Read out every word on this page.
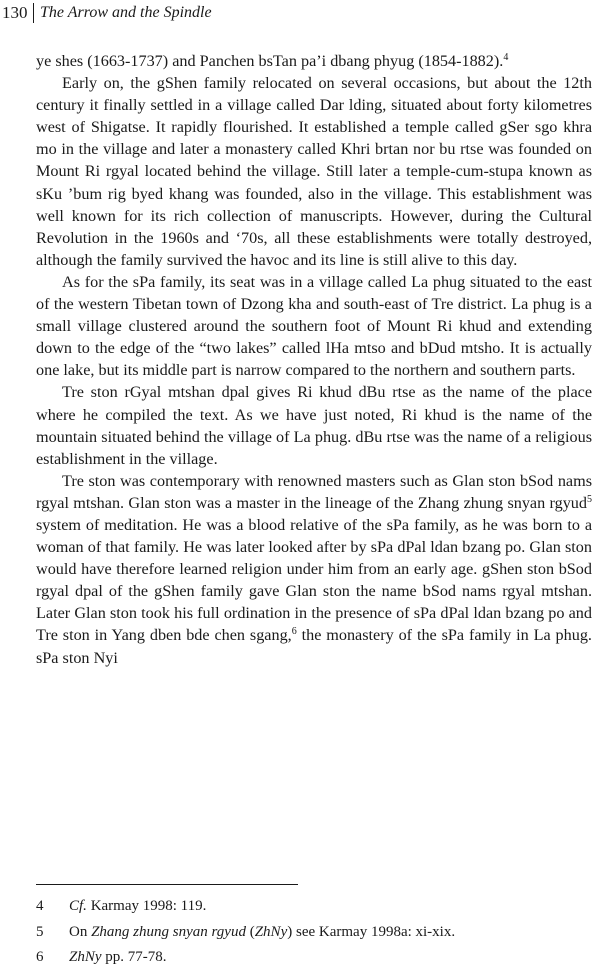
130 The Arrow and the Spindle

ye shes (1663-1737) and Panchen bsTan pa’i dbang phyug (1854-1882).$^4$

Early on, the gShen family relocated on several occasions, but about the 12th century it finally settled in a village called Dar lding, situated about forty kilometres west of Shigatse. It rapidly flourished. It established a temple called gSer sgo khra mo in the village and later a monastery called Khri brtan nor bu rtse was founded on Mount Ri rgyal located behind the village. Still later a temple-cum-stupa known as sKu ’bum rig byed khang was founded, also in the village. This establishment was well known for its rich collection of manuscripts. However, during the Cultural Revolution in the 1960s and ‘70s, all these establishments were totally destroyed, although the family survived the havoc and its line is still alive to this day.

As for the sPa family, its seat was in a village called La phug situated to the east of the western Tibetan town of Dzong kha and south-east of Tre district. La phug is a small village clustered around the southern foot of Mount Ri khud and extending down to the edge of the “two lakes” called lHa mtso and bDud mtsho. It is actually one lake, but its middle part is narrow compared to the northern and southern parts.

Tre ston rGyal mtshan dpal gives Ri khud dBu rtse as the name of the place where he compiled the text. As we have just noted, Ri khud is the name of the mountain situated behind the village of La phug. dBu rtse was the name of a religious establishment in the village.

Tre ston was contemporary with renowned masters such as Glan ston bSod nams rgyal mtshan. Glan ston was a master in the lineage of the Zhang zhung snyan rgyud$^5$ system of meditation. He was a blood relative of the sPa family, as he was born to a woman of that family. He was later looked after by sPa dPal ldan bzang po. Glan ston would have therefore learned religion under him from an early age. gShen ston bSod rgyal dpal of the gShen family gave Glan ston the name bSod nams rgyal mtshan. Later Glan ston took his full ordination in the presence of sPa dPal ldan bzang po and Tre ston in Yang dben bde chen sgang,$^6$ the monastery of the sPa family in La phug. sPa ston Nyi

4	Cf. Karmay 1998: 119.
5	On Zhang zhung snyan rgyud (ZhNy) see Karmay 1998a: xi-xix.
6	ZhNy pp. 77-78.
